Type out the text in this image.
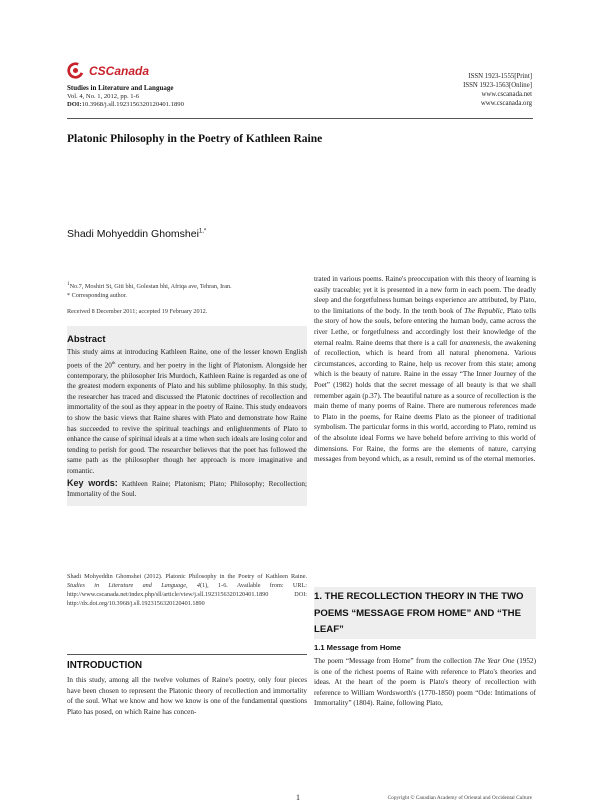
CSCanada
Studies in Literature and Language
Vol. 4, No. 1, 2012, pp. 1-6
DOI:10.3968/j.sll.1923156320120401.1890
ISSN 1923-1555[Print]
ISSN 1923-1563[Online]
www.cscanada.net
www.cscanada.org
Platonic Philosophy in the Poetry of Kathleen Raine
Shadi Mohyeddin Ghomshei$^{1,*}$
$^1$No.7, Moshiri St, Giti bhi, Golestan bhi, Afriqa ave, Tehran, Iran.
* Corresponding author.
Received 8 December 2011; accepted 19 February 2012.
Abstract
This study aims at introducing Kathleen Raine, one of the lesser known English poets of the 20th century, and her poetry in the light of Platonism. Alongside her contemporary, the philosopher Iris Murdoch, Kathleen Raine is regarded as one of the greatest modern exponents of Plato and his sublime philosophy. In this study, the researcher has traced and discussed the Platonic doctrines of recollection and immortality of the soul as they appear in the poetry of Raine. This study endeavors to show the basic views that Raine shares with Plato and demonstrate how Raine has succeeded to revive the spiritual teachings and enlightenments of Plato to enhance the cause of spiritual ideals at a time when such ideals are losing color and tending to perish for good. The researcher believes that the poet has followed the same path as the philosopher though her approach is more imaginative and romantic.
Key words: Kathleen Raine; Platonism; Plato; Philosophy; Recollection; Immortality of the Soul.
Shadi Mohyeddin Ghomshei (2012). Platonic Philosophy in the Poetry of Kathleen Raine. Studies in Literature and Language, 4(1), 1-6. Available from: URL: http://www.cscanada.net/index.php/sll/article/view/j.sll.1923156320120401.1890 DOI: http://dx.doi.org/10.3968/j.sll.1923156320120401.1890
INTRODUCTION
In this study, among all the twelve volumes of Raine's poetry, only four pieces have been chosen to represent the Platonic theory of recollection and immortality of the soul. What we know and how we know is one of the fundamental questions Plato has posed, on which Raine has concen-
trated in various poems. Raine's preoccupation with this theory of learning is easily traceable; yet it is presented in a new form in each poem. The deadly sleep and the forgetfulness human beings experience are attributed, by Plato, to the limitations of the body. In the tenth book of The Republic, Plato tells the story of how the souls, before entering the human body, came across the river Lethe, or forgetfulness and accordingly lost their knowledge of the eternal realm. Raine deems that there is a call for anamnesis, the awakening of recollection, which is heard from all natural phenomena. Various circumstances, according to Raine, help us recover from this state; among which is the beauty of nature. Raine in the essay “The Inner Journey of the Poet” (1982) holds that the secret message of all beauty is that we shall remember again (p.37). The beautiful nature as a source of recollection is the main theme of many poems of Raine. There are numerous references made to Plato in the poems, for Raine deems Plato as the pioneer of traditional symbolism. The particular forms in this world, according to Plato, remind us of the absolute ideal Forms we have beheld before arriving to this world of dimensions. For Raine, the forms are the elements of nature, carrying messages from beyond which, as a result, remind us of the eternal memories.
1. THE RECOLLECTION THEORY IN THE TWO POEMS “MESSAGE FROM HOME” AND “THE LEAF”
1.1 Message from Home
The poem “Message from Home” from the collection The Year One (1952) is one of the richest poems of Raine with reference to Plato's theories and ideas. At the heart of the poem is Plato's theory of recollection with reference to William Wordsworth's (1770-1850) poem “Ode: Intimations of Immortality” (1804). Raine, following Plato,
1	Copyright © Canadian Academy of Oriental and Occidental Culture
